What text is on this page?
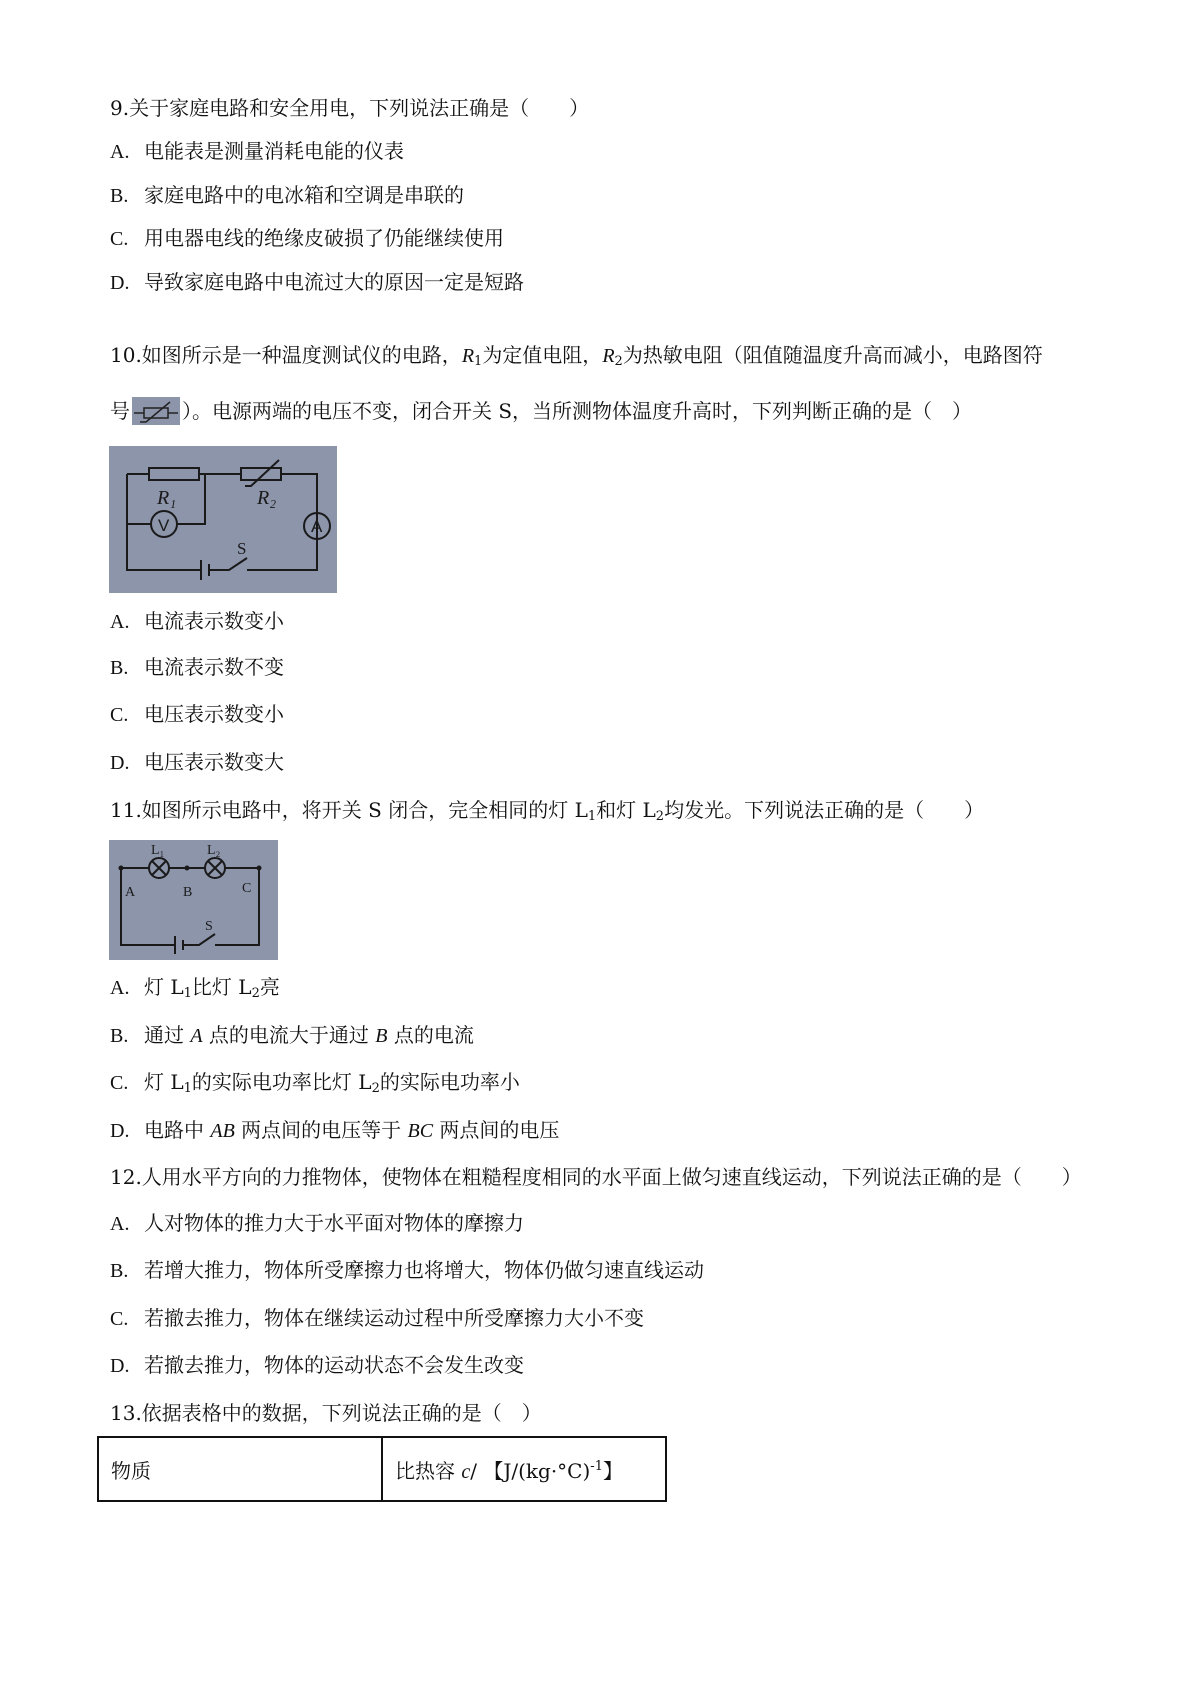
9.关于家庭电路和安全用电，下列说法正确是（　　）
A. 电能表是测量消耗电能的仪表
B. 家庭电路中的电冰箱和空调是串联的
C. 用电器电线的绝缘皮破损了仍能继续使用
D. 导致家庭电路中电流过大的原因一定是短路
10.如图所示是一种温度测试仪的电路，$R_1$为定值电阻，$R_2$为热敏电阻（阻值随温度升高而减小，电路图符
号	）。电源两端的电压不变，闭合开关 S，当所测物体温度升高时，下列判断正确的是（　）
R₁	R₂
V	A
S
A. 电流表示数变小
B. 电流表示数不变
C. 电压表示数变小
D. 电压表示数变大
11.如图所示电路中，将开关 S 闭合，完全相同的灯 $L_1$和灯 $L_2$均发光。下列说法正确的是（　　）
L₁	L₂
A	B	C
S
A. 灯 $L_1$比灯 $L_2$亮
B. 通过 A 点的电流大于通过 B 点的电流
C. 灯 $L_1$的实际电功率比灯 $L_2$的实际电功率小
D. 电路中 AB 两点间的电压等于 BC 两点间的电压
12.人用水平方向的力推物体，使物体在粗糙程度相同的水平面上做匀速直线运动，下列说法正确的是（　　）
A. 人对物体的推力大于水平面对物体的摩擦力
B. 若增大推力，物体所受摩擦力也将增大，物体仍做匀速直线运动
C. 若撤去推力，物体在继续运动过程中所受摩擦力大小不变
D. 若撤去推力，物体的运动状态不会发生改变
13.依据表格中的数据，下列说法正确的是（　）
物质	比热容 c/ 【$J/(kg\cdot^\circ C)^{-1}$】
